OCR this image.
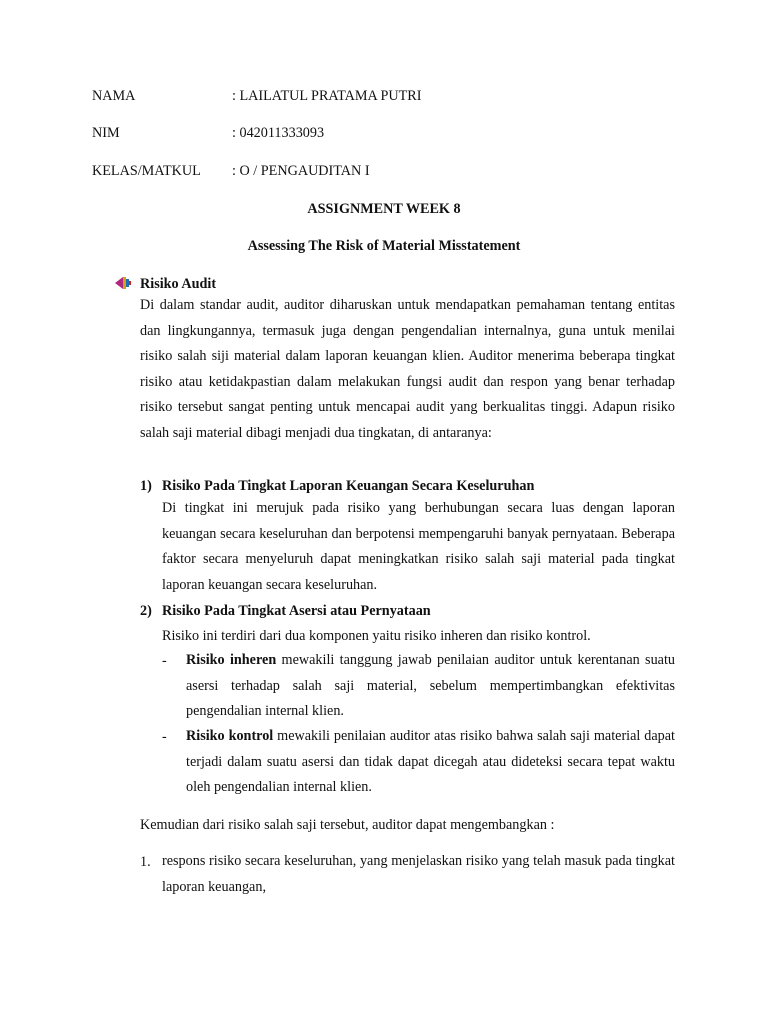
NAMA	: LAILATUL PRATAMA PUTRI
NIM	: 042011333093
KELAS/MATKUL : O / PENGAUDITAN I
ASSIGNMENT WEEK 8
Assessing The Risk of Material Misstatement
Risiko Audit
Di dalam standar audit, auditor diharuskan untuk mendapatkan pemahaman tentang entitas dan lingkungannya, termasuk juga dengan pengendalian internalnya, guna untuk menilai risiko salah siji material dalam laporan keuangan klien. Auditor menerima beberapa tingkat risiko atau ketidakpastian dalam melakukan fungsi audit dan respon yang benar terhadap risiko tersebut sangat penting untuk mencapai audit yang berkualitas tinggi. Adapun risiko salah saji material dibagi menjadi dua tingkatan, di antaranya:
1) Risiko Pada Tingkat Laporan Keuangan Secara Keseluruhan
Di tingkat ini merujuk pada risiko yang berhubungan secara luas dengan laporan keuangan secara keseluruhan dan berpotensi mempengaruhi banyak pernyataan. Beberapa faktor secara menyeluruh dapat meningkatkan risiko salah saji material pada tingkat laporan keuangan secara keseluruhan.
2) Risiko Pada Tingkat Asersi atau Pernyataan
Risiko ini terdiri dari dua komponen yaitu risiko inheren dan risiko kontrol.
- Risiko inheren mewakili tanggung jawab penilaian auditor untuk kerentanan suatu asersi terhadap salah saji material, sebelum mempertimbangkan efektivitas pengendalian internal klien.
- Risiko kontrol mewakili penilaian auditor atas risiko bahwa salah saji material dapat terjadi dalam suatu asersi dan tidak dapat dicegah atau dideteksi secara tepat waktu oleh pengendalian internal klien.
Kemudian dari risiko salah saji tersebut, auditor dapat mengembangkan :
1. respons risiko secara keseluruhan, yang menjelaskan risiko yang telah masuk pada tingkat laporan keuangan,
